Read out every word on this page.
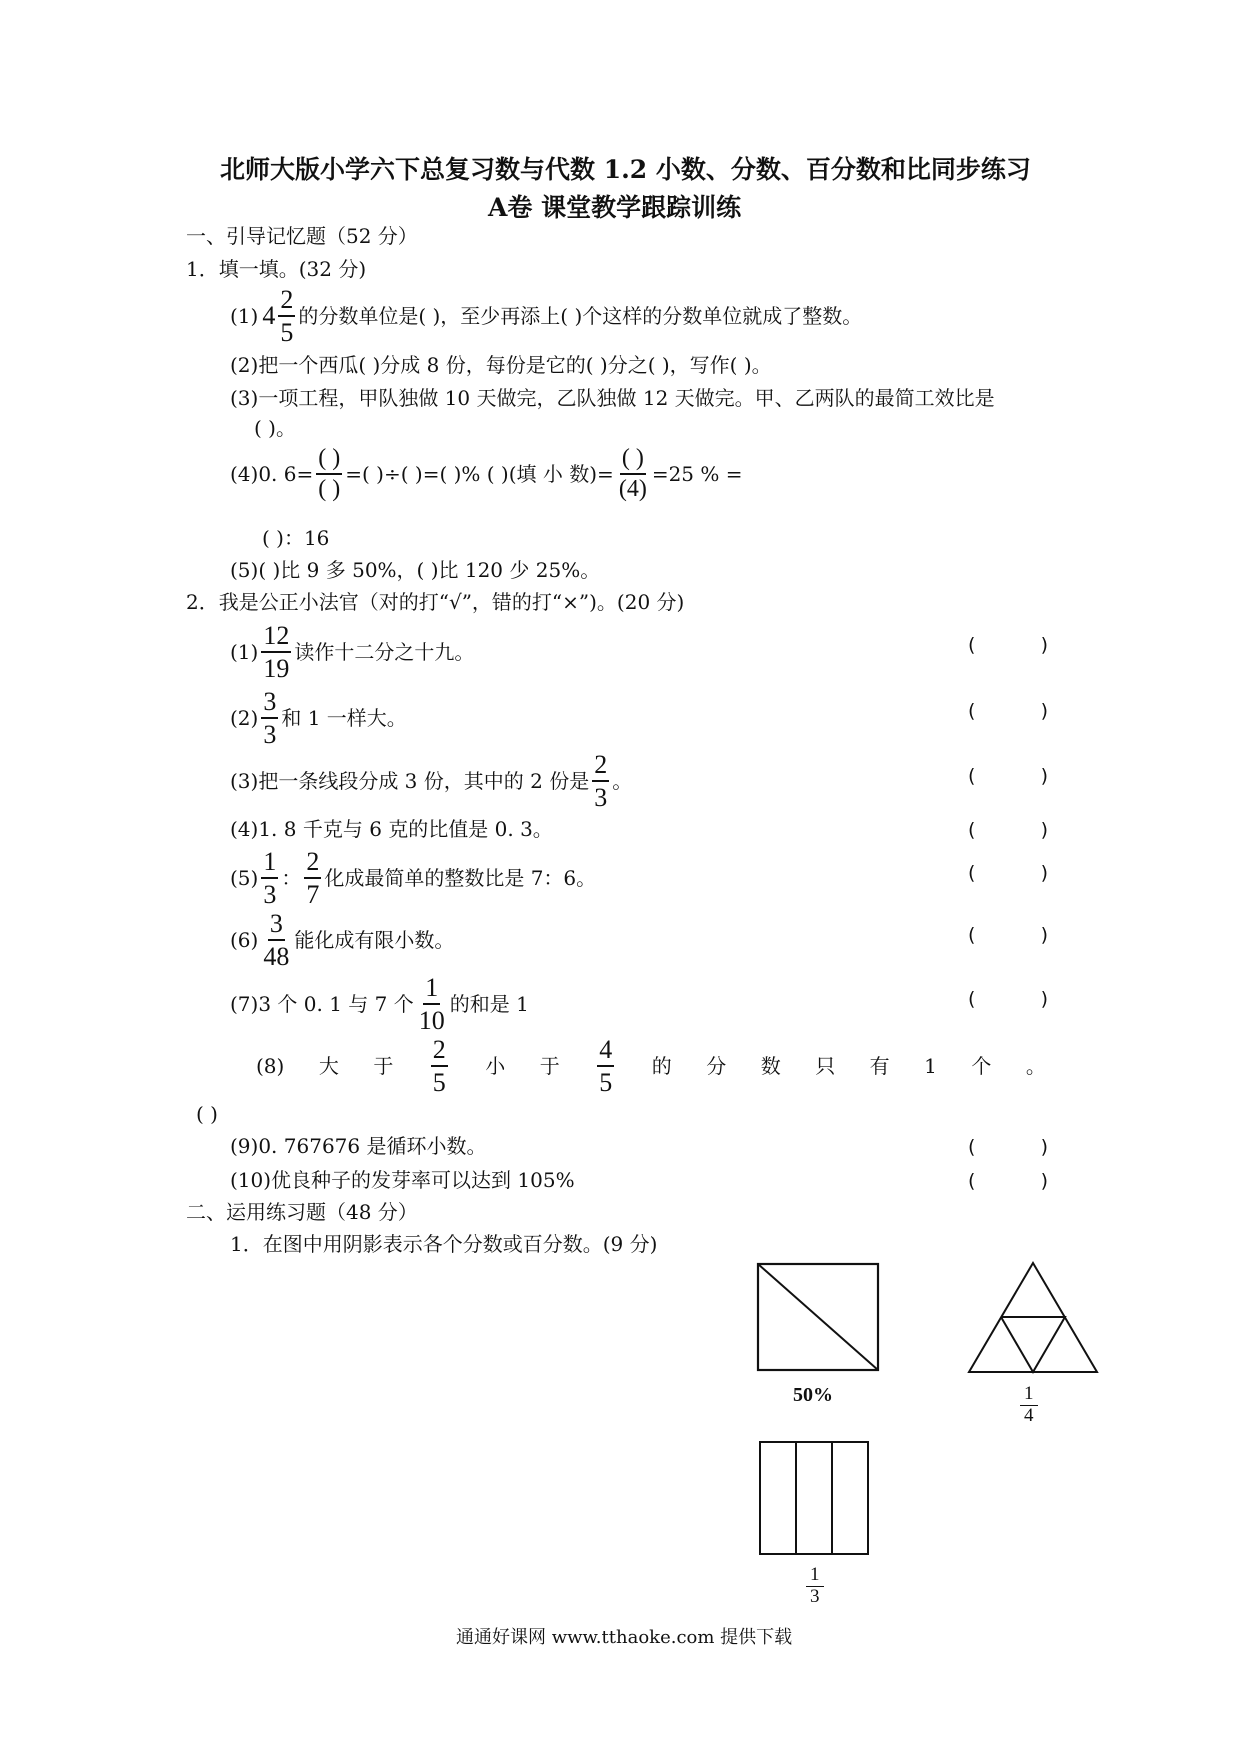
北师大版小学六下总复习数与代数 1.2 小数、分数、百分数和比同步练习
A卷 课堂教学跟踪训练
一、引导记忆题（52 分）
1．填一填。(32 分)
(1) $4 \frac{2}{5}$ 的分数单位是( )，至少再添上( )个这样的分数单位就成了整数。
(2)把一个西瓜( )分成 8 份，每份是它的( )分之( )，写作( )。
(3)一项工程，甲队独做 10 天做完，乙队独做 12 天做完。甲、乙两队的最简工效比是
( )。
(4)0. $6= \frac{( )}{( )}$ =( )÷( )=( )% ( )(填 小 数)= $\frac{( )}{(4)} =25$ % =
( )：16
(5)( )比 9 多 50%，( )比 120 少 25%。
2．我是公正小法官（对的打“√”，错的打“×”)。(20 分)
$(1) \frac{12}{19}$ 读作十二分之十九。	(	)
$(2) \frac{3}{3}$ 和 1 一样大。	(	)
(3)把一条线段分成 3 份，其中的 2 份是 $\frac{2}{3}$ 。	(	)
(4)1. 8 千克与 6 克的比值是 0. 3。	(	)
$(5) \frac{1}{3}$ ： $\frac{2}{7}$ 化成最简单的整数比是 7：6。	(	)
$(6) \frac{3}{48}$ 能化成有限小数。	(	)
(7)3 个 0. 1 与 7 个 $\frac{1}{10}$ 的和是 1	(	)
(8) 大 于 $\frac{2}{5}$ 小 于 $\frac{4}{5}$ 的 分 数 只 有 1 个 。
( )
(9)0. 767676 是循环小数。	(	)
(10)优良种子的发芽率可以达到 105%	(	)
二、运用练习题（48 分）
1．在图中用阴影表示各个分数或百分数。(9 分)
50%	$\frac{1}{4}$
$\frac{1}{3}$
通通好课网 www.tthaoke.com 提供下载
